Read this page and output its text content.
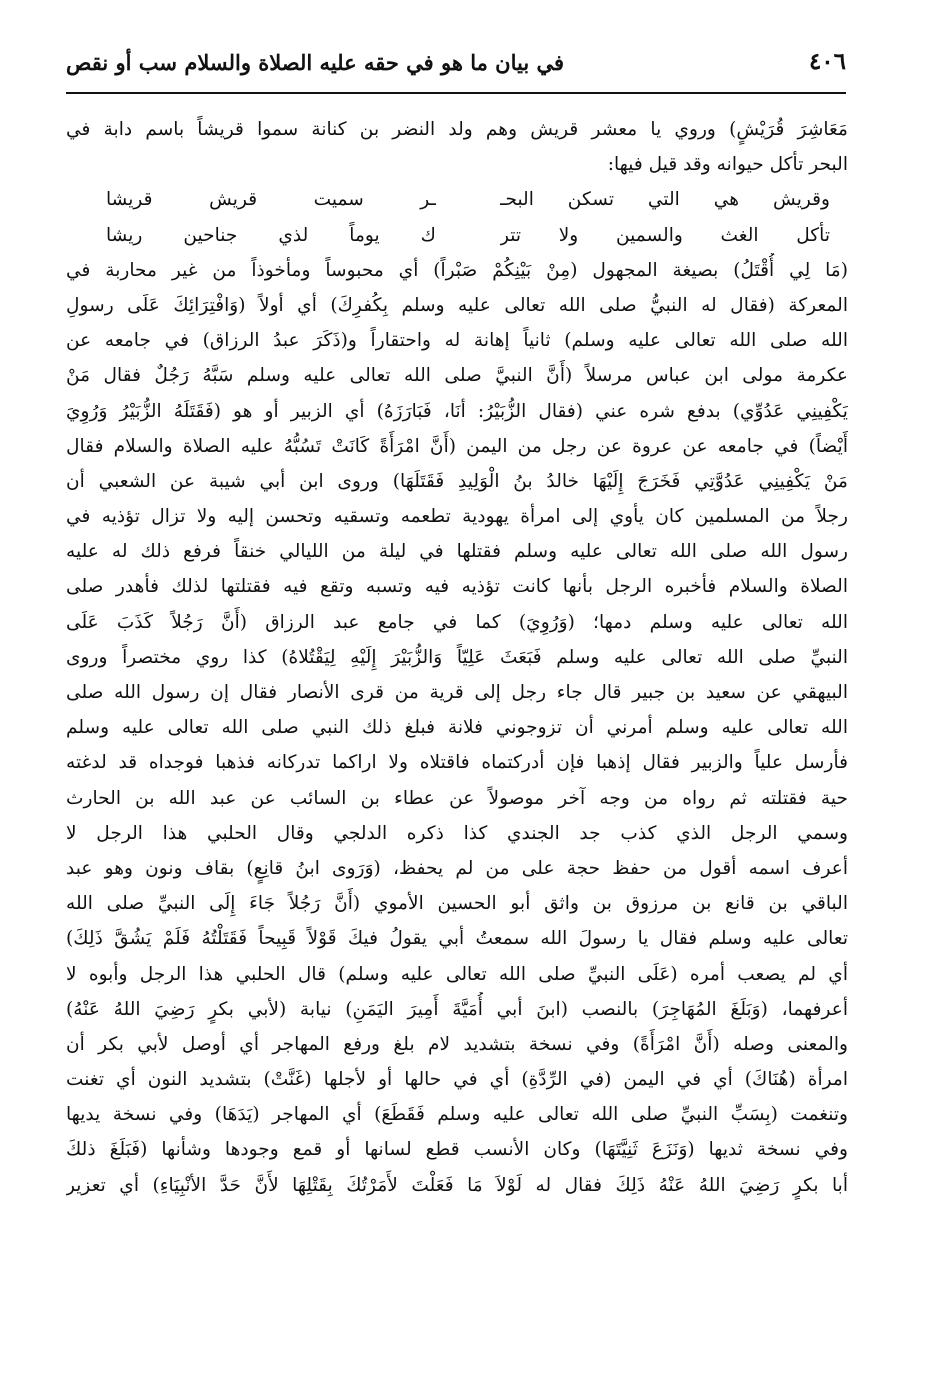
٤٠٦
في بيان ما هو في حقه عليه الصلاة والسلام سب أو نقص
مَعَاشِرَ قُرَيْشٍ) وروي يا معشر قريش وهم ولد النضر بن كنانة سموا قريشاً باسم دابة في
البحر تأكل حيوانه وقد قيل فيها:
وقريش هي التي تسكن البحـ
ـر سميت قريش قريشا
تأكل الغث والسمين ولا تتر
ك يوماً لذي جناحين ريشا
(مَا لِي أُقْتَلُ) بصيغة المجهول (مِنْ بَيْنِكُمْ صَبْراً) أي محبوساً ومأخوذاً من غير محاربة في
المعركة (فقال له النبيُّ صلى الله تعالى عليه وسلم بِكُفرِكَ) أي أولاً (وَافْتِرَائِكَ عَلَى رسولِ
الله صلى الله تعالى عليه وسلم) ثانياً إهانة له واحتقاراً و(ذَكَرَ عبدُ الرزاق) في جامعه عن
عكرمة مولى ابن عباس مرسلاً (أَنَّ النبيَّ صلى الله تعالى عليه وسلم سَبَّهُ رَجُلٌ فقال مَنْ
يَكْفِينِي عَدُوِّي) بدفع شره عني (فقال الزُّبَيْرُ: أنَا، فَبَارَزَهُ) أي الزبير أو هو (فَقَتَلَهُ الزُّبَيْرُ وَرُوِيَ
أَيْضاً) في جامعه عن عروة عن رجل من اليمن (أَنَّ امْرَأَةً كَانَتْ تَسُبُّهُ عليه الصلاة والسلام فقال
مَنْ يَكْفِينِي عَدُوَّتِي فَخَرَجَ إِلَيْهَا خالدُ بنُ الْوَلِيدِ فَقَتَلَهَا) وروى ابن أبي شيبة عن الشعبي أن
رجلاً من المسلمين كان يأوي إلى امرأة يهودية تطعمه وتسقيه وتحسن إليه ولا تزال تؤذيه في
رسول الله صلى الله تعالى عليه وسلم فقتلها في ليلة من الليالي خنقاً فرفع ذلك له عليه
الصلاة والسلام فأخبره الرجل بأنها كانت تؤذيه فيه وتسبه وتقع فيه فقتلتها لذلك فأهدر صلى
الله تعالى عليه وسلم دمها؛ (وَرُوِيَ) كما في جامع عبد الرزاق (أَنَّ رَجُلاً كَذَبَ عَلَى
النبيِّ صلى الله تعالى عليه وسلم فَبَعَثَ عَلِيّاً وَالزُّبَيْرَ إِلَيْهِ لِيَقْتُلاهُ) كذا روي مختصراً وروى
البيهقي عن سعيد بن جبير قال جاء رجل إلى قرية من قرى الأنصار فقال إن رسول الله صلى
الله تعالى عليه وسلم أمرني أن تزوجوني فلانة فبلغ ذلك النبي صلى الله تعالى عليه وسلم
فأرسل علياً والزبير فقال إذهبا فإن أدركتماه فاقتلاه ولا اراكما تدركانه فذهبا فوجداه قد لدغته
حية فقتلته ثم رواه من وجه آخر موصولاً عن عطاء بن السائب عن عبد الله بن الحارث
وسمي الرجل الذي كذب جد الجندي كذا ذكره الدلجي وقال الحلبي هذا الرجل لا
أعرف اسمه أقول من حفظ حجة على من لم يحفظ، (وَرَوى ابنُ قانِعٍ) بقاف ونون وهو عبد
الباقي بن قانع بن مرزوق بن واثق أبو الحسين الأموي (أَنَّ رَجُلاً جَاءَ إِلَى النبيِّ صلى الله
تعالى عليه وسلم فقال يا رسولَ الله سمعتُ أبي يقولُ فيكَ قَوْلاً قَبِيحاً فَقَتَلْتُهُ فَلَمْ يَشُقَّ ذَلِكَ)
أي لم يصعب أمره (عَلَى النبيِّ صلى الله تعالى عليه وسلم) قال الحلبي هذا الرجل وأبوه لا
أعرفهما، (وَبَلَغَ المُهَاجِرَ) بالنصب (ابنَ أبي أُمَيَّةَ أَمِيرَ اليَمَنِ) نيابة (لأبي بكرٍ رَضِيَ اللهُ عَنْهُ)
والمعنى وصله (أَنَّ امْرَأَةً) وفي نسخة بتشديد لام بلغ ورفع المهاجر أي أوصل لأبي بكر أن
امرأة (هُنَاكَ) أي في اليمن (في الرِّدَّةِ) أي في حالها أو لأجلها (غَنَّتْ) بتشديد النون أي تغنت
وتنغمت (بِسَبِّ النبيِّ صلى الله تعالى عليه وسلم فَقَطَعَ) أي المهاجر (يَدَهَا) وفي نسخة يديها
وفي نسخة ثديها (وَنَزَعَ ثَنِيَّتَهَا) وكان الأنسب قطع لسانها أو قمع وجودها وشأنها (فَبَلَغَ ذلكَ
أبا بكرٍ رَضِيَ اللهُ عَنْهُ ذَلِكَ فقال له لَوْلاَ مَا فَعَلْتَ لأَمَرْتُكَ بِقَتْلِهَا لأَنَّ حَدَّ الأنْبِيَاءِ) أي تعزير
